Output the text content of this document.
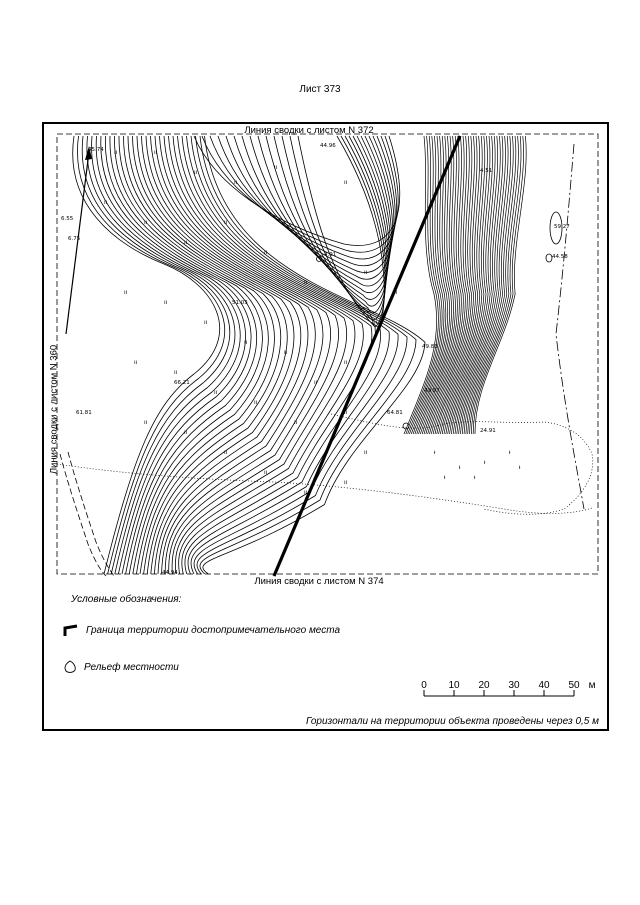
Лист 373
ıı	ıı
ıı
ıı
ıı
ıı
ıı
ıı
ıı
ıı
ıı
ıı
ıı
ıı
ıı
ıı
ıı
ıı
ıı
ıı
ıı
ıı
ıı
ıı
ıı
ıı
ıı
ıı
ıı
ıı
ıı
ıı
ıı
ıı
ıı
ᵼ
ᵼ
ᵼ
ᵼ
ᵼ
ᵼ	ᵼ
45.74
6.55
6.75
44.96
4.91
49.83
51.03
61.81	64.81
44.94
59.27
44.58
4.51
49.97
66.21
24.91
Линия сводки с листом N 372
Линия сводки с листом N 374
Линия сводки с листом N 360
Условные обозначения:
Граница территории достопримечательного места
Рельеф местности
0 10 20 30 40 50 м
Горизонтали на территории объекта проведены через 0,5 м
